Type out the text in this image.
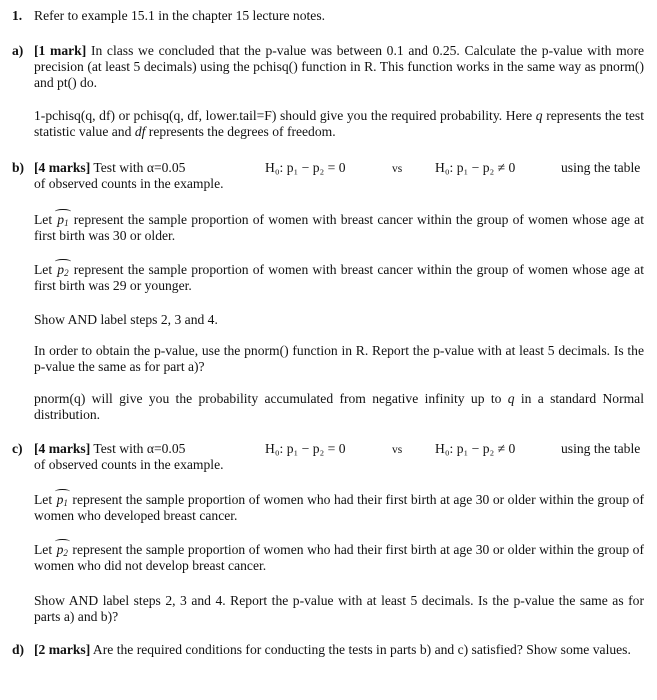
1. Refer to example 15.1 in the chapter 15 lecture notes.
a) [1 mark] In class we concluded that the p-value was between 0.1 and 0.25. Calculate the p-value with more precision (at least 5 decimals) using the pchisq() function in R. This function works in the same way as pnorm() and pt() do.
1-pchisq(q, df) or pchisq(q, df, lower.tail=F) should give you the required probability. Here q represents the test statistic value and df represents the degrees of freedom.
b) [4 marks] Test with α=0.05	H₀: p₁ − p₂ = 0	vs H₀: p₁ − p₂ ≠ 0	using the table
of observed counts in the example.
Let $p_1$ represent the sample proportion of women with breast cancer within the group of women whose age at first birth was 30 or older.
Let $p_2$ represent the sample proportion of women with breast cancer within the group of women whose age at first birth was 29 or younger.
Show AND label steps 2, 3 and 4.
In order to obtain the p-value, use the pnorm() function in R. Report the p-value with at least 5 decimals. Is the p-value the same as for part a)?
pnorm(q) will give you the probability accumulated from negative infinity up to q in a standard Normal distribution.
c) [4 marks] Test with α=0.05	H₀: p₁ − p₂ = 0	vs H₀: p₁ − p₂ ≠ 0	using the table
of observed counts in the example.
Let $p_1$ represent the sample proportion of women who had their first birth at age 30 or older within the group of women who developed breast cancer.
Let $p_2$ represent the sample proportion of women who had their first birth at age 30 or older within the group of women who did not develop breast cancer.
Show AND label steps 2, 3 and 4. Report the p-value with at least 5 decimals. Is the p-value the same as for parts a) and b)?
d) [2 marks] Are the required conditions for conducting the tests in parts b) and c) satisfied? Show some values.
